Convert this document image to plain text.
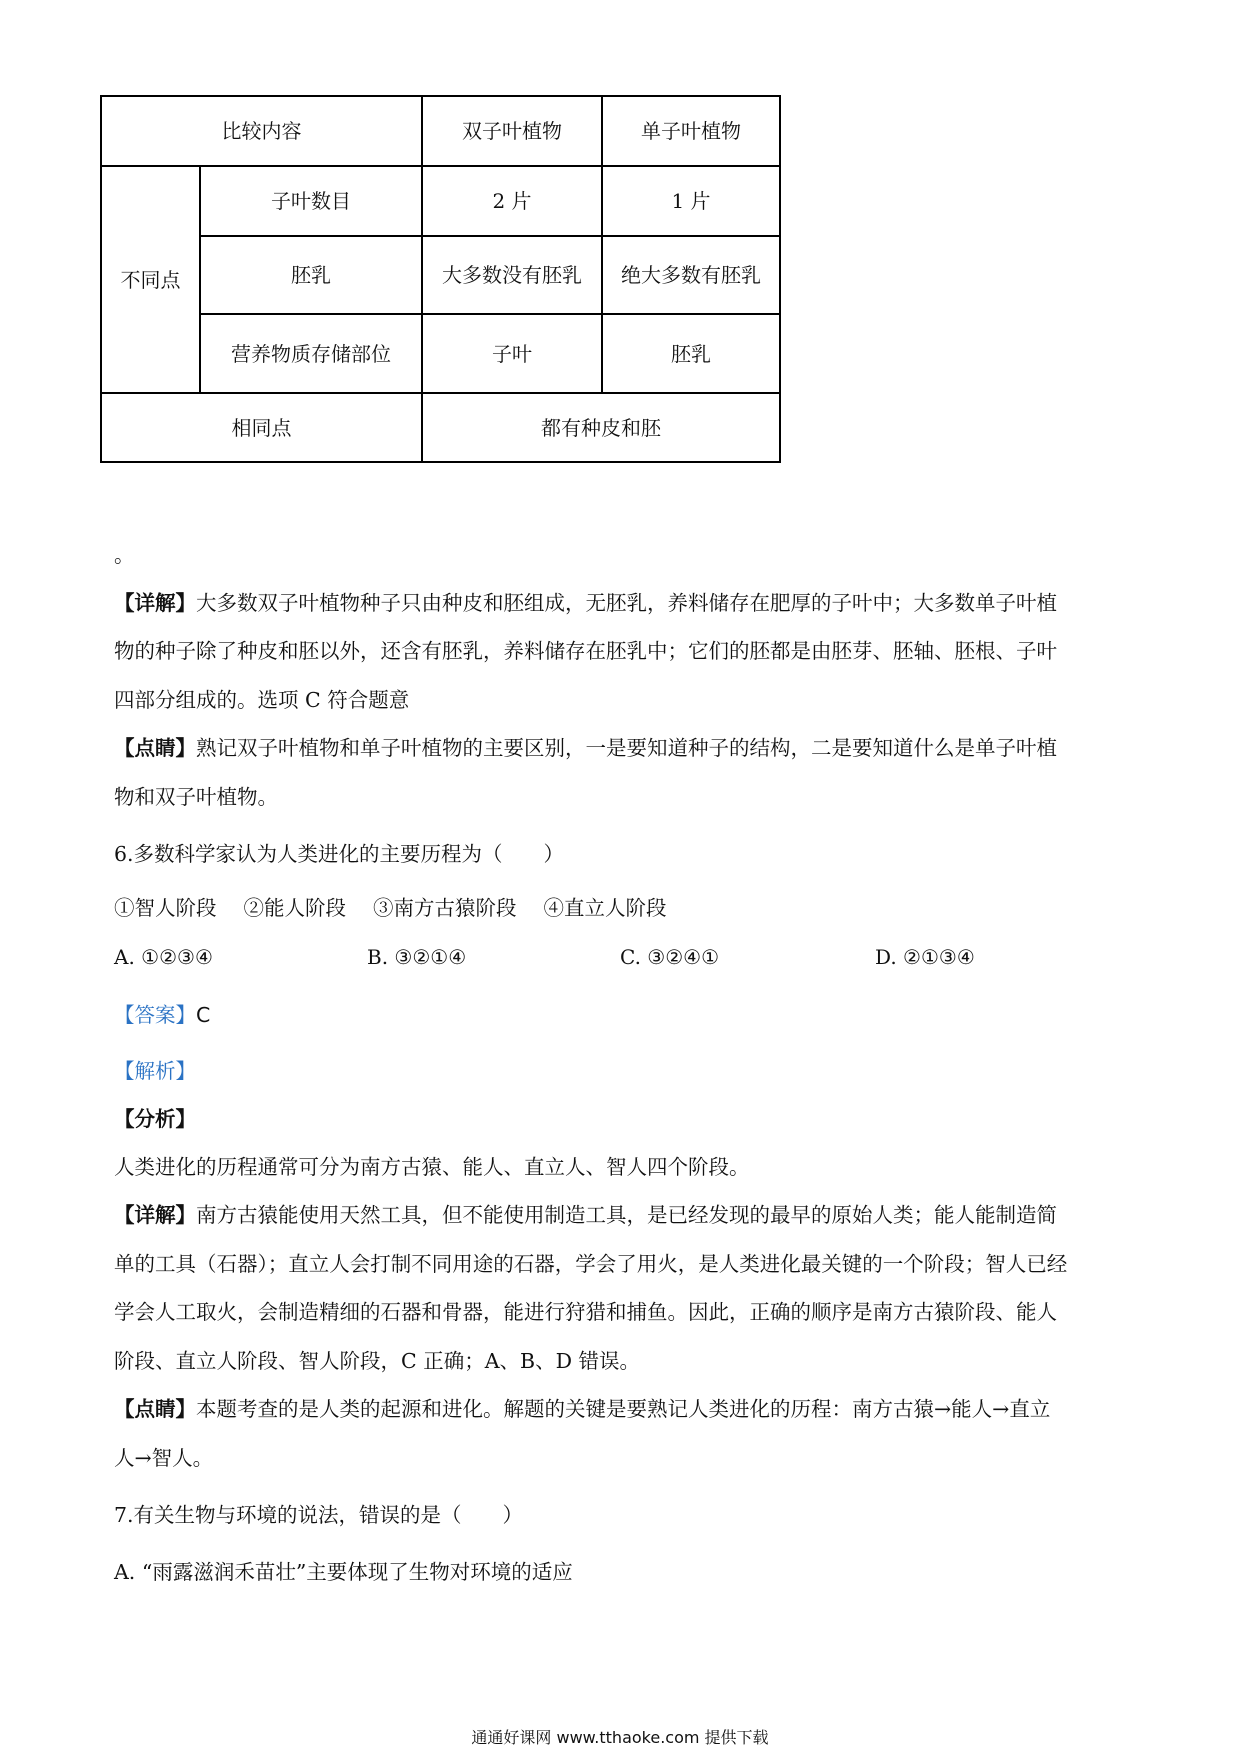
比较内容		双子叶植物	单子叶植物
不同点	子叶数目	2 片	1 片
	胚乳	大多数没有胚乳	绝大多数有胚乳
	营养物质存储部位	子叶	胚乳
相同点		都有种皮和胚	
。
【详解】大多数双子叶植物种子只由种皮和胚组成，无胚乳，养料储存在肥厚的子叶中；大多数单子叶植
物的种子除了种皮和胚以外，还含有胚乳，养料储存在胚乳中；它们的胚都是由胚芽、胚轴、胚根、子叶
四部分组成的。选项 C 符合题意
【点睛】熟记双子叶植物和单子叶植物的主要区别，一是要知道种子的结构，二是要知道什么是单子叶植
物和双子叶植物。
6.多数科学家认为人类进化的主要历程为（　　）
①智人阶段　 ②能人阶段　 ③南方古猿阶段　 ④直立人阶段
A. ①②③④	B. ③②①④	C. ③②④①	D. ②①③④
【答案】C
【解析】
【分析】
人类进化的历程通常可分为南方古猿、能人、直立人、智人四个阶段。
【详解】南方古猿能使用天然工具，但不能使用制造工具，是已经发现的最早的原始人类；能人能制造简
单的工具（石器）；直立人会打制不同用途的石器，学会了用火，是人类进化最关键的一个阶段；智人已经
学会人工取火，会制造精细的石器和骨器，能进行狩猎和捕鱼。因此，正确的顺序是南方古猿阶段、能人
阶段、直立人阶段、智人阶段，C 正确；A、B、D 错误。
【点睛】本题考查的是人类的起源和进化。解题的关键是要熟记人类进化的历程：南方古猿→能人→直立
人→智人。
7.有关生物与环境的说法，错误的是（　　）
A. “雨露滋润禾苗壮”主要体现了生物对环境的适应
通通好课网 www.tthaoke.com 提供下载
